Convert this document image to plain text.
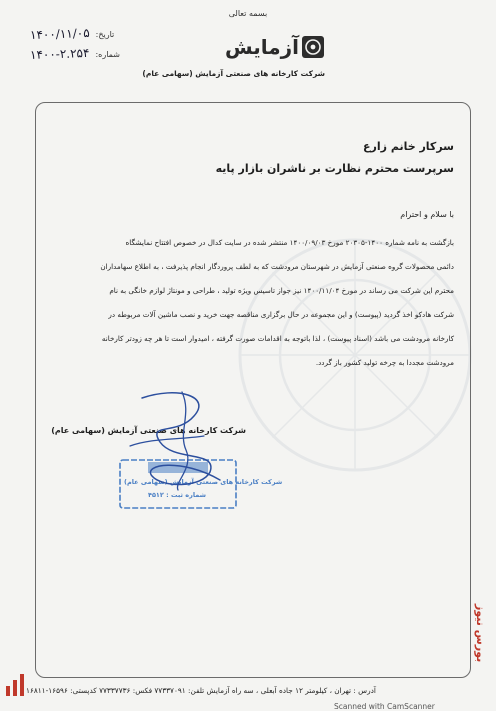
بسمه تعالی
۱۴۰۰/۱۱/۰۵ تاریخ:
۱۴۰۰-۲.۲۵۴ شماره:	آزمایش
شرکت کارخانه های صنعتی آزمایش (سهامی عام)
سرکار خانم زارع
سرپرست محترم نظارت بر ناشران بازار پایه
با سلام و احترام
بازگشت به نامه شماره ۱۴۰۰-۲۰۳۰۵ مورخ ۱۴۰۰/۰۹/۰۳ منتشر شده در سایت کدال در خصوص افتتاح نمایشگاه
دائمی محصولات گروه صنعتی آزمایش در شهرستان مرودشت که به لطف پروردگار انجام پذیرفت ، به اطلاع سهامداران
محترم این شرکت می رساند در مورخ ۱۴۰۰/۱۱/۰۴ نیز جواز تاسیس ویژه تولید ، طراحی و مونتاژ لوازم خانگی به نام
شرکت هادکو اخذ گردید (پیوست) و این مجموعه در حال برگزاری مناقصه جهت خرید و نصب ماشین آلات مربوطه در
کارخانه مرودشت می باشد (اسناد پیوست) ، لذا باتوجه به اقدامات صورت گرفته ، امیدوار است تا هر چه زودتر کارخانه
مرودشت مجددا به چرخه تولید کشور باز گردد.
شرکت کارخانه های صنعتی آزمایش (سهامی عام)
شرکت کارخانه های صنعتی آزمایش (سهامی عام)
شماره ثبت : ۴۵۱۲
آدرس : تهران ، کیلومتر ۱۲ جاده آبعلی ، سه راه آزمایش تلفن: ۷۷۳۳۷۰۹۱ فکس: ۷۷۳۳۷۷۳۶ کدپستی: ۱۶۵۹۶-۱۶۸۱۱
Scanned with CamScanner
بورس نیوز
